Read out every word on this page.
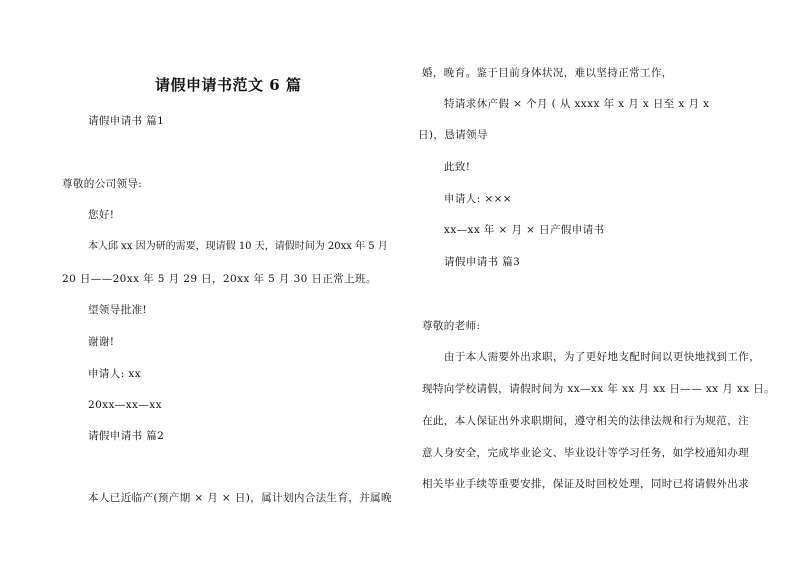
请假申请书范文 6 篇
请假申请书 篇1
尊敬的公司领导:
您好!
本人邱 xx 因为研的需要，现请假 10 天，请假时间为 20xx 年 5 月
20 日——20xx 年 5 月 29 日，20xx 年 5 月 30 日正常上班。
望领导批准!
谢谢!
申请人: xx
20xx—xx—xx
请假申请书 篇2
本人已近临产(预产期 × 月 × 日)，属计划内合法生育，并属晚
婚，晚育。鉴于目前身体状况，难以坚持正常工作，
特请求休产假 × 个月 ( 从 xxxx 年 x 月 x 日至 x 月 x
日)，恳请领导
此致!
申请人: ×××
xx—xx 年 × 月 × 日产假申请书
请假申请书 篇3
尊敬的老师:
由于本人需要外出求职，为了更好地支配时间以更快地找到工作，
现特向学校请假，请假时间为 xx—xx 年 xx 月 xx 日—— xx 月 xx 日。
在此，本人保证出外求职期间，遵守相关的法律法规和行为规范，注
意人身安全，完成毕业论文、毕业设计等学习任务，如学校通知办理
相关毕业手续等重要安排，保证及时回校处理，同时已将请假外出求
